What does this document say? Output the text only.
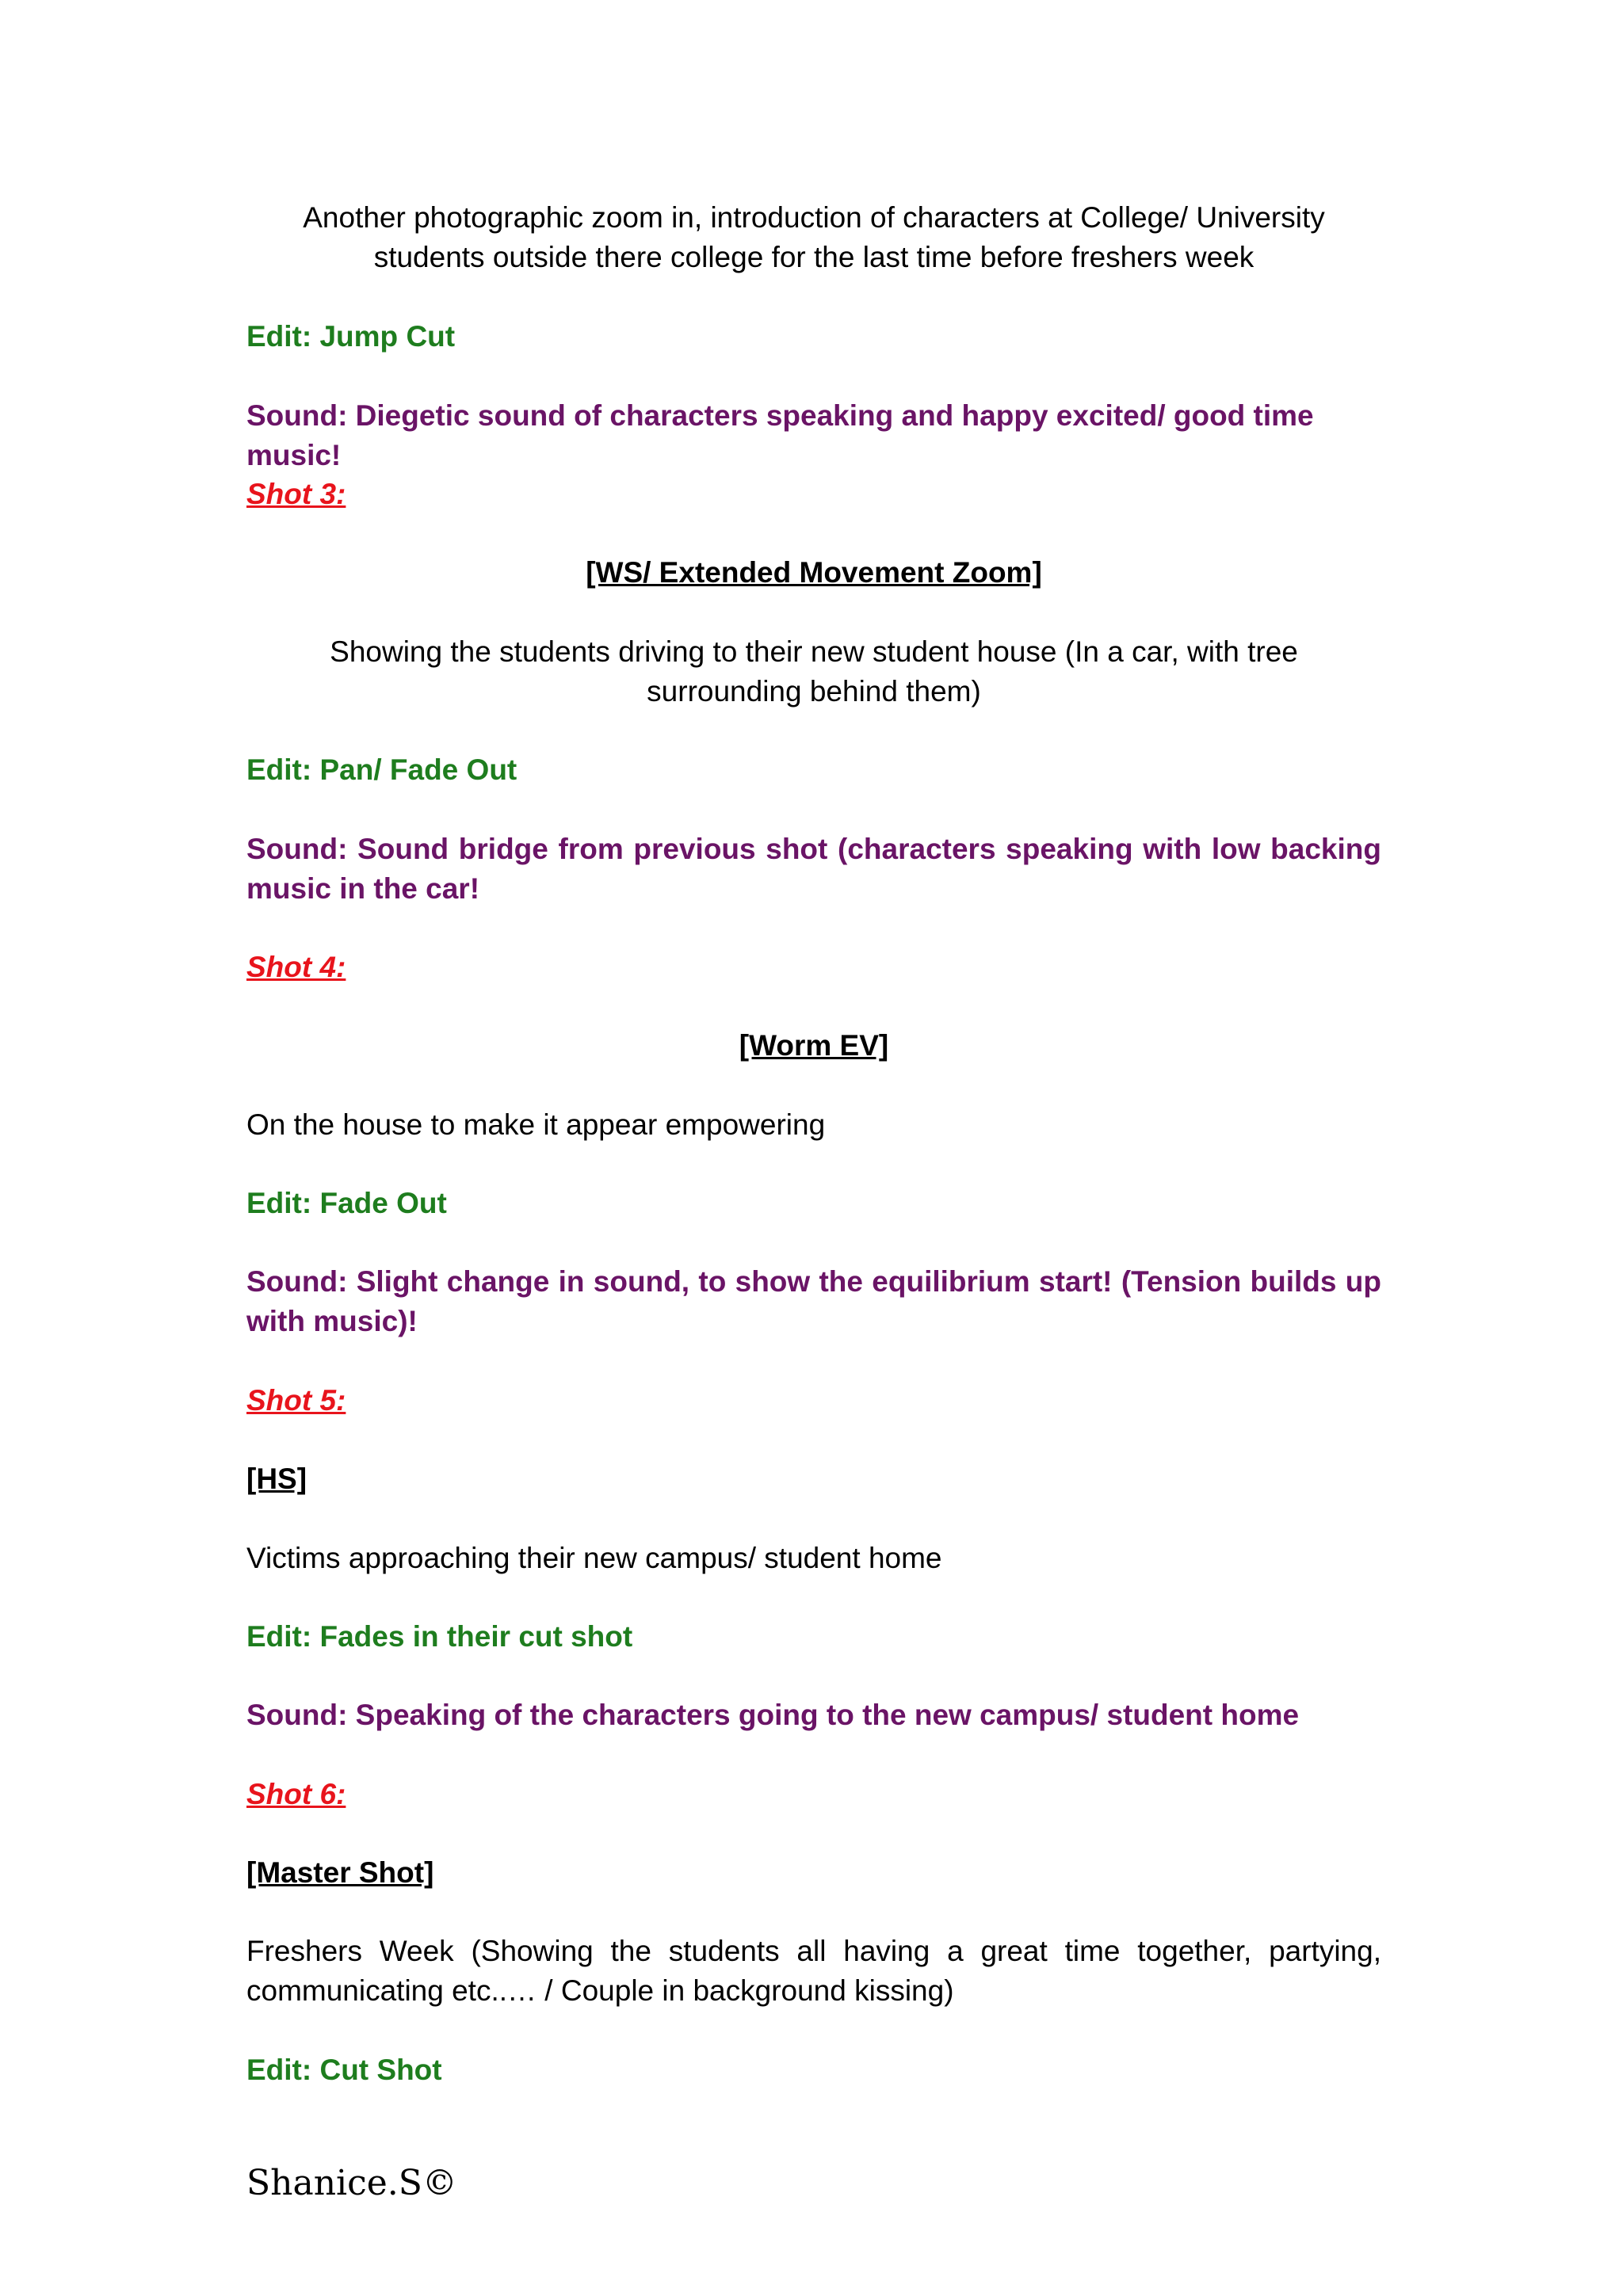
Another photographic zoom in, introduction of characters at College/ University students outside there college for the last time before freshers week

Edit: Jump Cut

Sound: Diegetic sound of characters speaking and happy excited/ good time music!

Shot 3:

[WS/ Extended Movement Zoom]

Showing the students driving to their new student house (In a car, with tree surrounding behind them)

Edit: Pan/ Fade Out

Sound: Sound bridge from previous shot (characters speaking with low backing music in the car!

Shot 4:

[Worm EV]

On the house to make it appear empowering

Edit: Fade Out

Sound: Slight change in sound, to show the equilibrium start! (Tension builds up with music)!

Shot 5:

[HS]

Victims approaching their new campus/ student home

Edit: Fades in their cut shot

Sound: Speaking of the characters going to the new campus/ student home

Shot 6:

[Master Shot]

Freshers Week (Showing the students all having a great time together, partying, communicating etc..… / Couple in background kissing)

Edit: Cut Shot

Shanice.S©
